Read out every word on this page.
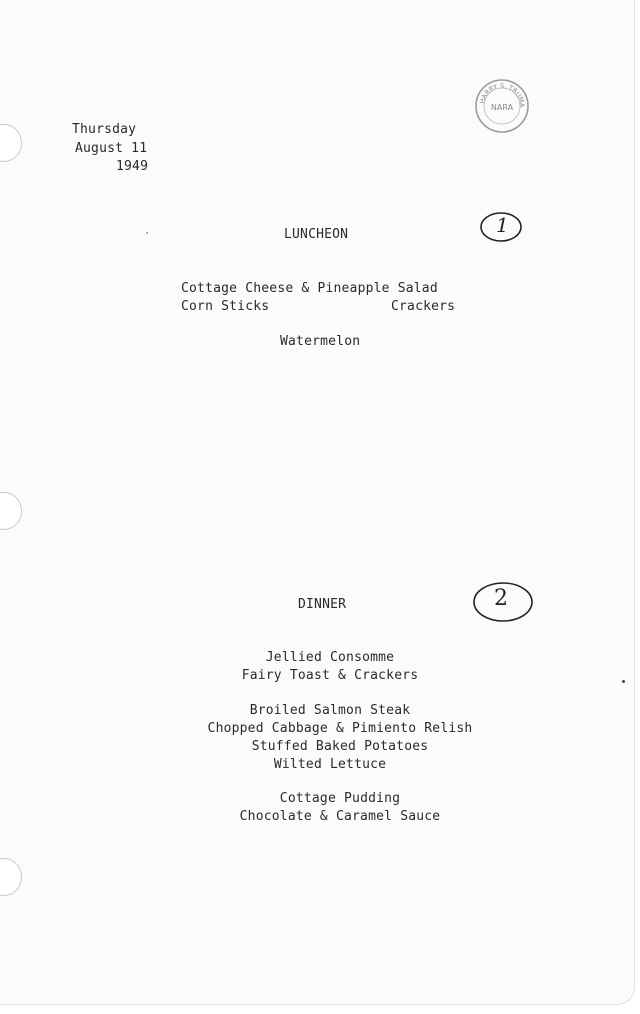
Thursday
August 11
1949
HARRY S. TRUMA
NARA
LUNCHEON	1
Cottage Cheese & Pineapple Salad
Corn Sticks	Crackers
Watermelon
DINNER	2
Jellied Consomme
Fairy Toast & Crackers
Broiled Salmon Steak
Chopped Cabbage & Pimiento Relish
Stuffed Baked Potatoes
Wilted Lettuce
Cottage Pudding
Chocolate & Caramel Sauce
